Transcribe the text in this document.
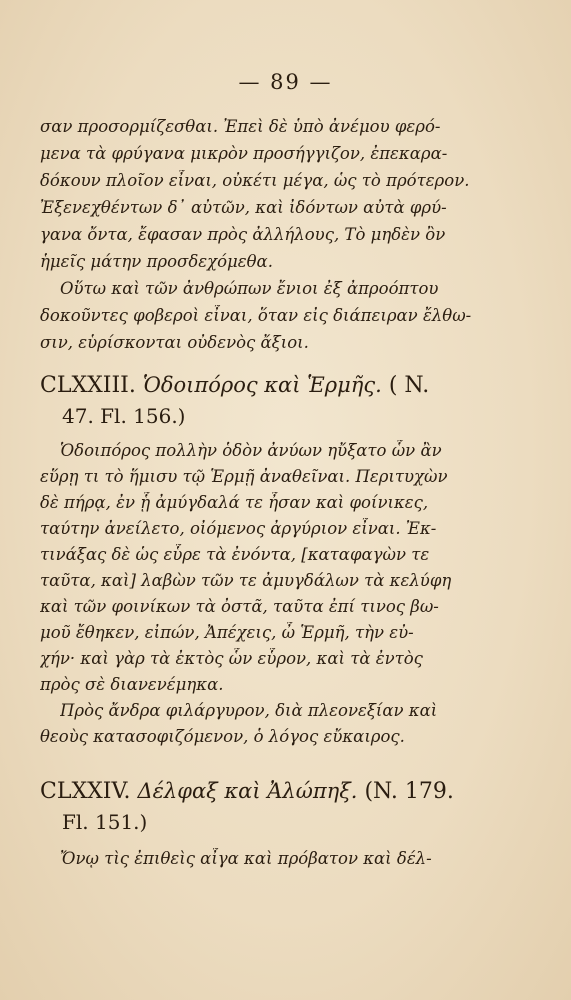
— 89 —
σαν προσορμίζεσθαι. Ἐπεὶ δὲ ὑπὸ ἀνέμου φερό-
μενα τὰ φρύγανα μικρὸν προσήγγιζον, ἐπεκαρα-
δόκουν πλοῖον εἶναι, οὐκέτι μέγα, ὡς τὸ πρότερον.
Ἐξενεχθέντων δ᾽ αὐτῶν, καὶ ἰδόντων αὐτὰ φρύ-
γανα ὄντα, ἔφασαν πρὸς ἀλλήλους, Τὸ μηδὲν ὂν
ἡμεῖς μάτην προσδεχόμεθα.
Οὕτω καὶ τῶν ἀνθρώπων ἔνιοι ἐξ ἀπροόπτου
δοκοῦντες φοβεροὶ εἶναι, ὅταν εἰς διάπειραν ἔλθω-
σιν, εὑρίσκονται οὐδενὸς ἄξιοι.
CLXXIII. Ὁδοιπόρος καὶ Ἑρμῆς. ( N.
47. Fl. 156.)
Ὁδοιπόρος πολλὴν ὁδὸν ἀνύων ηὔξατο ὧν ἂν
εὕρῃ τι τὸ ἥμισυ τῷ Ἑρμῇ ἀναθεῖναι. Περιτυχὼν
δὲ πήρᾳ, ἐν ᾗ ἀμύγδαλά τε ἦσαν καὶ φοίνικες,
ταύτην ἀνείλετο, οἰόμενος ἀργύριον εἶναι. Ἐκ-
τινάξας δὲ ὡς εὗρε τὰ ἐνόντα, [καταφαγὼν τε
ταῦτα, καὶ] λαβὼν τῶν τε ἀμυγδάλων τὰ κελύφη
καὶ τῶν φοινίκων τὰ ὀστᾶ, ταῦτα ἐπί τινος βω-
μοῦ ἔθηκεν, εἰπών, Ἀπέχεις, ὦ Ἑρμῆ, τὴν εὐ-
χήν· καὶ γὰρ τὰ ἐκτὸς ὧν εὗρον, καὶ τὰ ἐντὸς
πρὸς σὲ διανενέμηκα.
Πρὸς ἄνδρα φιλάργυρον, διὰ πλεονεξίαν καὶ
θεοὺς κατασοφιζόμενον, ὁ λόγος εὔκαιρος.
CLXXIV. Δέλφαξ καὶ Ἀλώπηξ. (N. 179.
Fl. 151.)
Ὄνῳ τὶς ἐπιθεὶς αἶγα καὶ πρόβατον καὶ δέλ-
